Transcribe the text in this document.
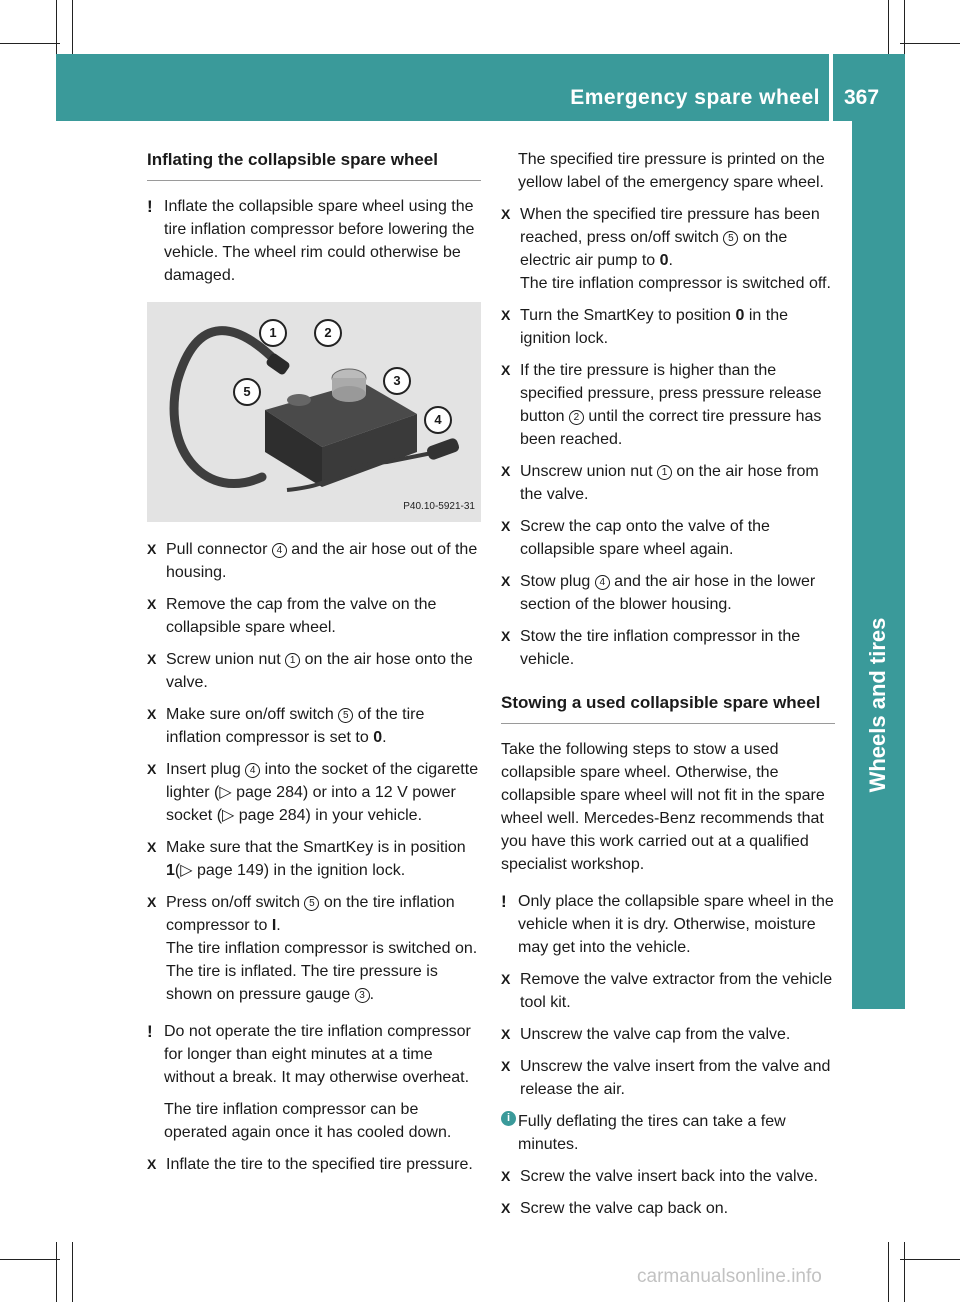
Emergency spare wheel 367
Wheels and tires
Inflating the collapsible spare wheel
! Inflate the collapsible spare wheel using the tire inflation compressor before lowering the vehicle. The wheel rim could otherwise be damaged.
1	2
3
4
5
P40.10-5921-31
X Pull connector 4 and the air hose out of the housing.
X Remove the cap from the valve on the collapsible spare wheel.
X Screw union nut 1 on the air hose onto the valve.
X Make sure on/off switch 5 of the tire inflation compressor is set to 0.
X Insert plug 4 into the socket of the cigarette lighter (▷ page 284) or into a 12 V power socket (▷ page 284) in your vehicle.
X Make sure that the SmartKey is in position 1(▷ page 149) in the ignition lock.
X Press on/off switch 5 on the tire inflation compressor to I.
The tire inflation compressor is switched on. The tire is inflated. The tire pressure is shown on pressure gauge 3 .
! Do not operate the tire inflation compressor for longer than eight minutes at a time without a break. It may otherwise overheat.

The tire inflation compressor can be operated again once it has cooled down.

X Inflate the tire to the specified tire pressure.

The specified tire pressure is printed on the yellow label of the emergency spare wheel.

X When the specified tire pressure has been reached, press on/off switch 5 on the electric air pump to 0.
The tire inflation compressor is switched off.
X Turn the SmartKey to position 0 in the ignition lock.
X If the tire pressure is higher than the specified pressure, press pressure release button 2 until the correct tire pressure has been reached.
X Unscrew union nut 1 on the air hose from the valve.
X Screw the cap onto the valve of the collapsible spare wheel again.
X Stow plug 4 and the air hose in the lower section of the blower housing.
X Stow the tire inflation compressor in the vehicle.
Stowing a used collapsible spare wheel

Take the following steps to stow a used collapsible spare wheel. Otherwise, the collapsible spare wheel will not fit in the spare wheel well. Mercedes-Benz recommends that you have this work carried out at a qualified specialist workshop.

! Only place the collapsible spare wheel in the vehicle when it is dry. Otherwise, moisture may get into the vehicle.
X Remove the valve extractor from the vehicle tool kit.
X Unscrew the valve cap from the valve.
X Unscrew the valve insert from the valve and release the air.
i Fully deflating the tires can take a few minutes.
X Screw the valve insert back into the valve.
X Screw the valve cap back on.
carmanualsonline.info
